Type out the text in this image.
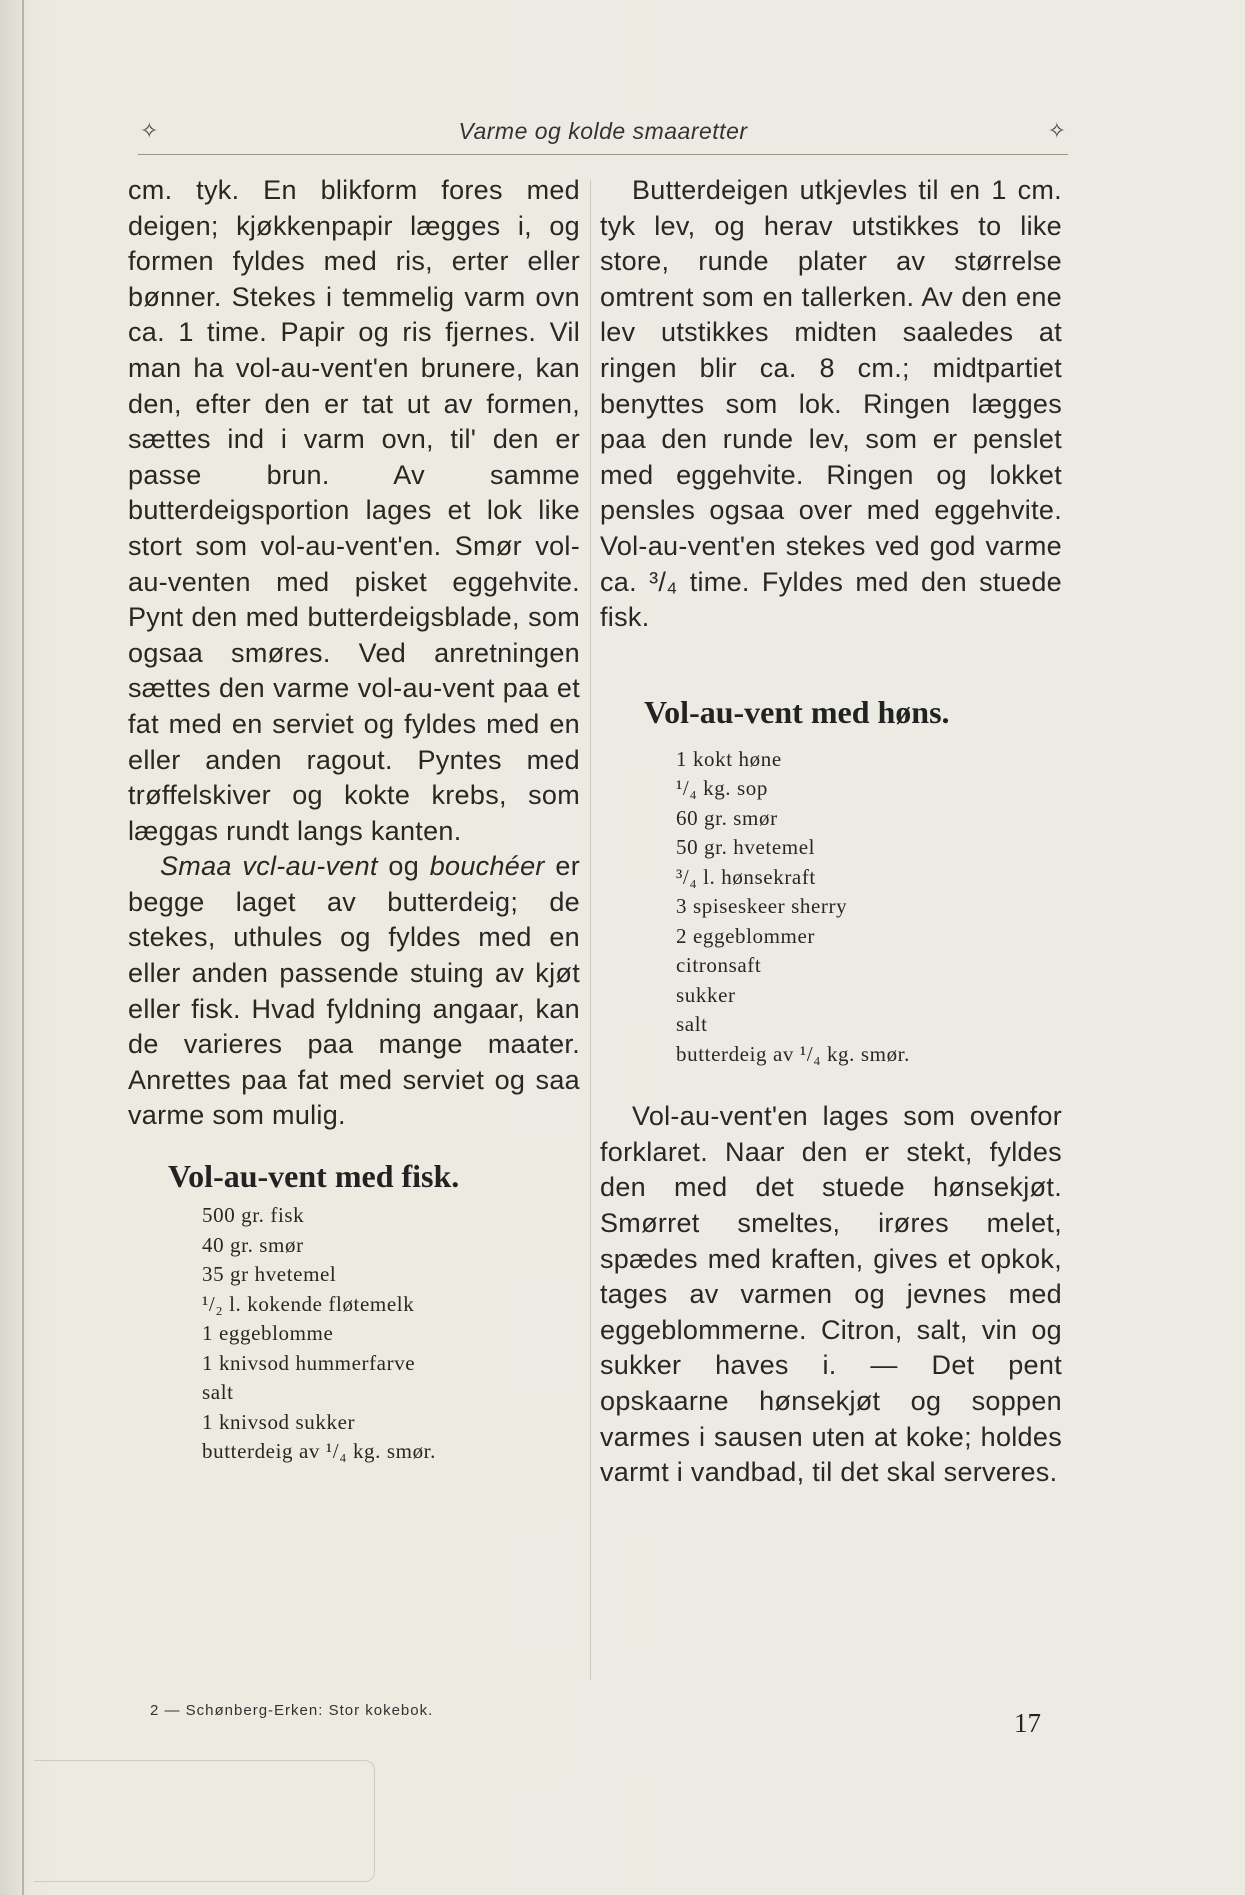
✧	Varme og kolde smaaretter	✧

cm. tyk. En blikform fores med deigen; kjøkkenpapir lægges i, og formen fyldes med ris, erter eller bønner. Stekes i temmelig varm ovn ca. 1 time. Papir og ris fjernes. Vil man ha vol-au-vent'en brunere, kan den, efter den er tat ut av formen, sættes ind i varm ovn, til' den er passe brun. Av samme butterdeigsportion lages et lok like stort som vol-au-vent'en. Smør vol-au-venten med pisket eggehvite. Pynt den med butterdeigsblade, som ogsaa smøres. Ved anretningen sættes den varme vol-au-vent paa et fat med en serviet og fyldes med en eller anden ragout. Pyntes med trøffelskiver og kokte krebs, som læggas rundt langs kanten.

Smaa vcl-au-vent og bouchéer er begge laget av butterdeig; de stekes, uthules og fyldes med en eller anden passende stuing av kjøt eller fisk. Hvad fyldning angaar, kan de varieres paa mange maater. Anrettes paa fat med serviet og saa varme som mulig.

Vol-au-vent med fisk.
500 gr. fisk
40 gr. smør
35 gr hvetemel
¹/₂ l. kokende fløtemelk
1 eggeblomme
1 knivsod hummerfarve
salt
1 knivsod sukker
butterdeig av ¹/₄ kg. smør.

Butterdeigen utkjevles til en 1 cm. tyk lev, og herav utstikkes to like store, runde plater av størrelse omtrent som en tallerken. Av den ene lev utstikkes midten saaledes at ringen blir ca. 8 cm.; midtpartiet benyttes som lok. Ringen lægges paa den runde lev, som er penslet med eggehvite. Ringen og lokket pensles ogsaa over med eggehvite. Vol-au-vent'en stekes ved god varme ca. ³/₄ time. Fyldes med den stuede fisk.

Vol-au-vent med høns.
1 kokt høne
¹/₄ kg. sop
60 gr. smør
50 gr. hvetemel
³/₄ l. hønsekraft
3 spiseskeer sherry
2 eggeblommer
citronsaft
sukker
salt
butterdeig av ¹/₄ kg. smør.

Vol-au-vent'en lages som ovenfor forklaret. Naar den er stekt, fyldes den med det stuede hønsekjøt. Smørret smeltes, irøres melet, spædes med kraften, gives et opkok, tages av varmen og jevnes med eggeblommerne. Citron, salt, vin og sukker haves i. — Det pent opskaarne hønsekjøt og soppen varmes i sausen uten at koke; holdes varmt i vandbad, til det skal serveres.

2 — Schønberg-Erken: Stor kokebok.	17
